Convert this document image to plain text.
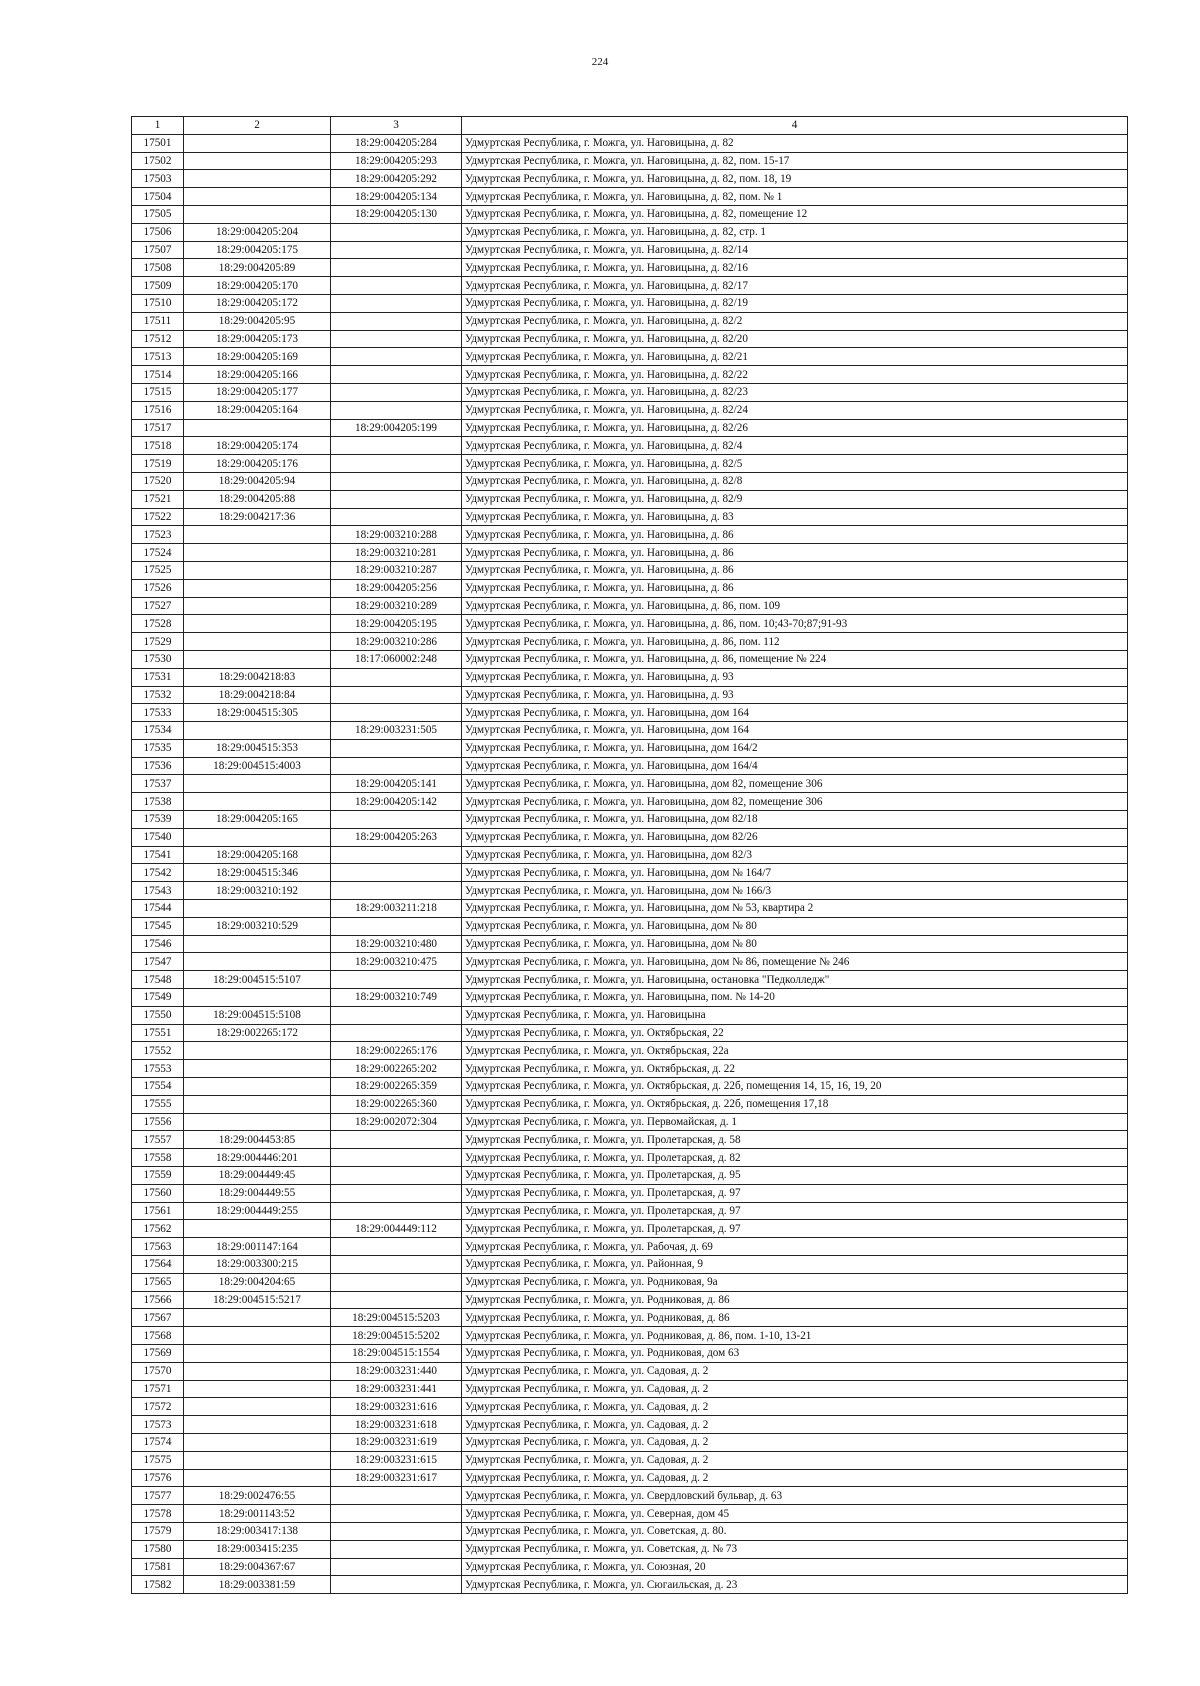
224
1	2	3	4
17501		18:29:004205:284	Удмуртская Республика, г. Можга, ул. Наговицына, д. 82
17502		18:29:004205:293	Удмуртская Республика, г. Можга, ул. Наговицына, д. 82, пом. 15-17
17503		18:29:004205:292	Удмуртская Республика, г. Можга, ул. Наговицына, д. 82, пом. 18, 19
17504		18:29:004205:134	Удмуртская Республика, г. Можга, ул. Наговицына, д. 82, пом. № 1
17505		18:29:004205:130	Удмуртская Республика, г. Можга, ул. Наговицына, д. 82, помещение 12
17506	18:29:004205:204		Удмуртская Республика, г. Можга, ул. Наговицына, д. 82, стр. 1
17507	18:29:004205:175		Удмуртская Республика, г. Можга, ул. Наговицына, д. 82/14
17508	18:29:004205:89		Удмуртская Республика, г. Можга, ул. Наговицына, д. 82/16
17509	18:29:004205:170		Удмуртская Республика, г. Можга, ул. Наговицына, д. 82/17
17510	18:29:004205:172		Удмуртская Республика, г. Можга, ул. Наговицына, д. 82/19
17511	18:29:004205:95		Удмуртская Республика, г. Можга, ул. Наговицына, д. 82/2
17512	18:29:004205:173		Удмуртская Республика, г. Можга, ул. Наговицына, д. 82/20
17513	18:29:004205:169		Удмуртская Республика, г. Можга, ул. Наговицына, д. 82/21
17514	18:29:004205:166		Удмуртская Республика, г. Можга, ул. Наговицына, д. 82/22
17515	18:29:004205:177		Удмуртская Республика, г. Можга, ул. Наговицына, д. 82/23
17516	18:29:004205:164		Удмуртская Республика, г. Можга, ул. Наговицына, д. 82/24
17517		18:29:004205:199	Удмуртская Республика, г. Можга, ул. Наговицына, д. 82/26
17518	18:29:004205:174		Удмуртская Республика, г. Можга, ул. Наговицына, д. 82/4
17519	18:29:004205:176		Удмуртская Республика, г. Можга, ул. Наговицына, д. 82/5
17520	18:29:004205:94		Удмуртская Республика, г. Можга, ул. Наговицына, д. 82/8
17521	18:29:004205:88		Удмуртская Республика, г. Можга, ул. Наговицына, д. 82/9
17522	18:29:004217:36		Удмуртская Республика, г. Можга, ул. Наговицына, д. 83
17523		18:29:003210:288	Удмуртская Республика, г. Можга, ул. Наговицына, д. 86
17524		18:29:003210:281	Удмуртская Республика, г. Можга, ул. Наговицына, д. 86
17525		18:29:003210:287	Удмуртская Республика, г. Можга, ул. Наговицына, д. 86
17526		18:29:004205:256	Удмуртская Республика, г. Можга, ул. Наговицына, д. 86
17527		18:29:003210:289	Удмуртская Республика, г. Можга, ул. Наговицына, д. 86, пом. 109
17528		18:29:004205:195	Удмуртская Республика, г. Можга, ул. Наговицына, д. 86, пом. 10;43-70;87;91-93
17529		18:29:003210:286	Удмуртская Республика, г. Можга, ул. Наговицына, д. 86, пом. 112
17530		18:17:060002:248	Удмуртская Республика, г. Можга, ул. Наговицына, д. 86, помещение № 224
17531	18:29:004218:83		Удмуртская Республика, г. Можга, ул. Наговицына, д. 93
17532	18:29:004218:84		Удмуртская Республика, г. Можга, ул. Наговицына, д. 93
17533	18:29:004515:305		Удмуртская Республика, г. Можга, ул. Наговицына, дом 164
17534		18:29:003231:505	Удмуртская Республика, г. Можга, ул. Наговицына, дом 164
17535	18:29:004515:353		Удмуртская Республика, г. Можга, ул. Наговицына, дом 164/2
17536	18:29:004515:4003		Удмуртская Республика, г. Можга, ул. Наговицына, дом 164/4
17537		18:29:004205:141	Удмуртская Республика, г. Можга, ул. Наговицына, дом 82, помещение 306
17538		18:29:004205:142	Удмуртская Республика, г. Можга, ул. Наговицына, дом 82, помещение 306
17539	18:29:004205:165		Удмуртская Республика, г. Можга, ул. Наговицына, дом 82/18
17540		18:29:004205:263	Удмуртская Республика, г. Можга, ул. Наговицына, дом 82/26
17541	18:29:004205:168		Удмуртская Республика, г. Можга, ул. Наговицына, дом 82/3
17542	18:29:004515:346		Удмуртская Республика, г. Можга, ул. Наговицына, дом № 164/7
17543	18:29:003210:192		Удмуртская Республика, г. Можга, ул. Наговицына, дом № 166/3
17544		18:29:003211:218	Удмуртская Республика, г. Можга, ул. Наговицына, дом № 53, квартира 2
17545	18:29:003210:529		Удмуртская Республика, г. Можга, ул. Наговицына, дом № 80
17546		18:29:003210:480	Удмуртская Республика, г. Можга, ул. Наговицына, дом № 80
17547		18:29:003210:475	Удмуртская Республика, г. Можга, ул. Наговицына, дом № 86, помещение № 246
17548	18:29:004515:5107		Удмуртская Республика, г. Можга, ул. Наговицына, остановка "Педколледж"
17549		18:29:003210:749	Удмуртская Республика, г. Можга, ул. Наговицына, пом. № 14-20
17550	18:29:004515:5108		Удмуртская Республика, г. Можга, ул. Наговицына
17551	18:29:002265:172		Удмуртская Республика, г. Можга, ул. Октябрьская, 22
17552		18:29:002265:176	Удмуртская Республика, г. Можга, ул. Октябрьская, 22а
17553		18:29:002265:202	Удмуртская Республика, г. Можга, ул. Октябрьская, д. 22
17554		18:29:002265:359	Удмуртская Республика, г. Можга, ул. Октябрьская, д. 22б, помещения 14, 15, 16, 19, 20
17555		18:29:002265:360	Удмуртская Республика, г. Можга, ул. Октябрьская, д. 22б, помещения 17,18
17556		18:29:002072:304	Удмуртская Республика, г. Можга, ул. Первомайская, д. 1
17557	18:29:004453:85		Удмуртская Республика, г. Можга, ул. Пролетарская, д. 58
17558	18:29:004446:201		Удмуртская Республика, г. Можга, ул. Пролетарская, д. 82
17559	18:29:004449:45		Удмуртская Республика, г. Можга, ул. Пролетарская, д. 95
17560	18:29:004449:55		Удмуртская Республика, г. Можга, ул. Пролетарская, д. 97
17561	18:29:004449:255		Удмуртская Республика, г. Можга, ул. Пролетарская, д. 97
17562		18:29:004449:112	Удмуртская Республика, г. Можга, ул. Пролетарская, д. 97
17563	18:29:001147:164		Удмуртская Республика, г. Можга, ул. Рабочая, д. 69
17564	18:29:003300:215		Удмуртская Республика, г. Можга, ул. Районная, 9
17565	18:29:004204:65		Удмуртская Республика, г. Можга, ул. Родниковая, 9а
17566	18:29:004515:5217		Удмуртская Республика, г. Можга, ул. Родниковая, д. 86
17567		18:29:004515:5203	Удмуртская Республика, г. Можга, ул. Родниковая, д. 86
17568		18:29:004515:5202	Удмуртская Республика, г. Можга, ул. Родниковая, д. 86, пом. 1-10, 13-21
17569		18:29:004515:1554	Удмуртская Республика, г. Можга, ул. Родниковая, дом 63
17570		18:29:003231:440	Удмуртская Республика, г. Можга, ул. Садовая, д. 2
17571		18:29:003231:441	Удмуртская Республика, г. Можга, ул. Садовая, д. 2
17572		18:29:003231:616	Удмуртская Республика, г. Можга, ул. Садовая, д. 2
17573		18:29:003231:618	Удмуртская Республика, г. Можга, ул. Садовая, д. 2
17574		18:29:003231:619	Удмуртская Республика, г. Можга, ул. Садовая, д. 2
17575		18:29:003231:615	Удмуртская Республика, г. Можга, ул. Садовая, д. 2
17576		18:29:003231:617	Удмуртская Республика, г. Можга, ул. Садовая, д. 2
17577	18:29:002476:55		Удмуртская Республика, г. Можга, ул. Свердловский бульвар, д. 63
17578	18:29:001143:52		Удмуртская Республика, г. Можга, ул. Северная, дом 45
17579	18:29:003417:138		Удмуртская Республика, г. Можга, ул. Советская, д. 80.
17580	18:29:003415:235		Удмуртская Республика, г. Можга, ул. Советская, д. № 73
17581	18:29:004367:67		Удмуртская Республика, г. Можга, ул. Союзная, 20
17582	18:29:003381:59		Удмуртская Республика, г. Можга, ул. Сюгаильская, д. 23
